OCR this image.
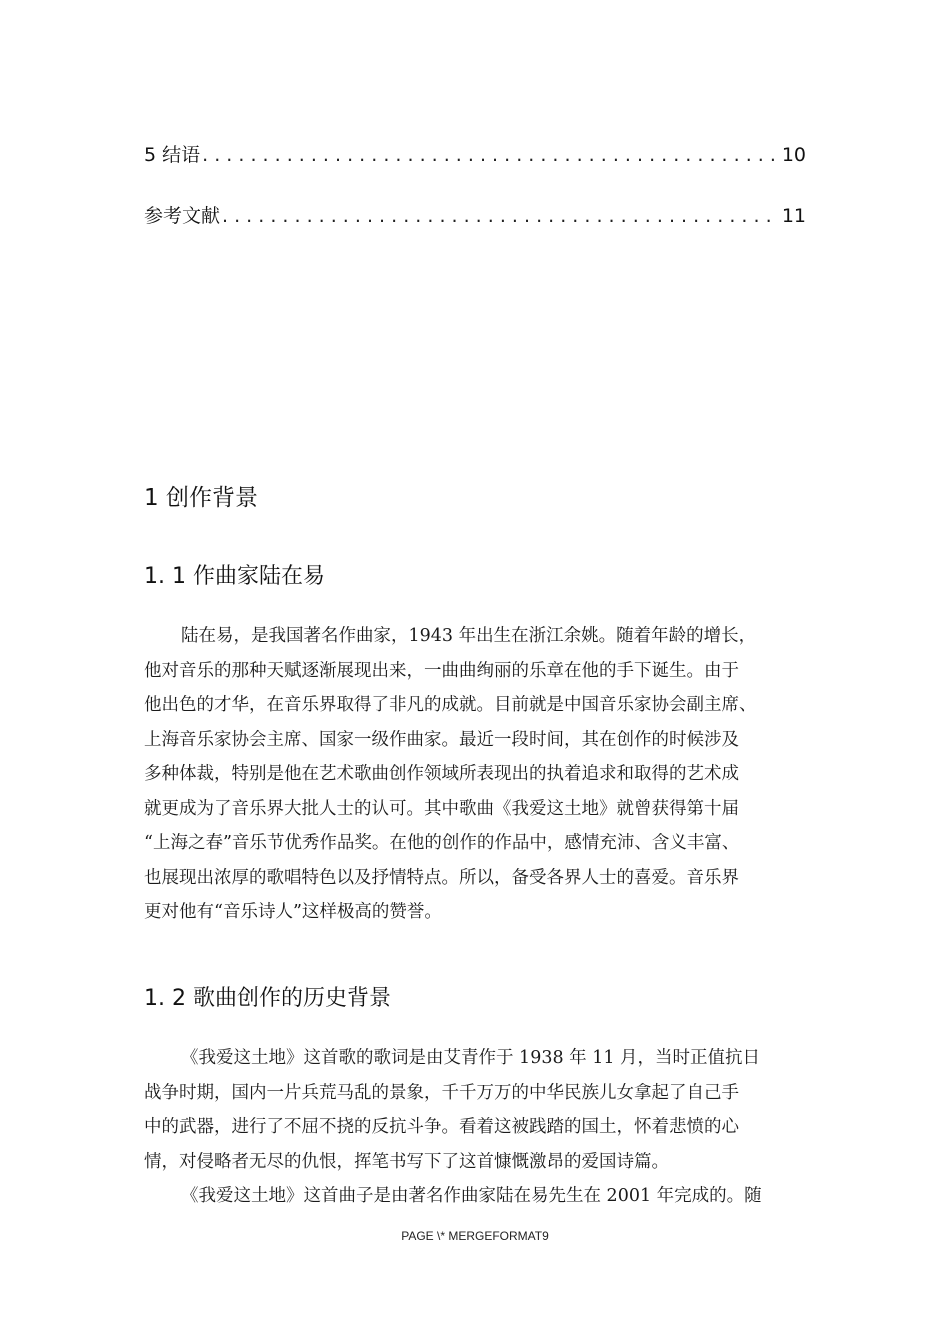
5 结语 . . .	10
参考文献 . . .	11
1 创作背景
1. 1 作曲家陆在易
陆在易，是我国著名作曲家，1943 年出生在浙江余姚。随着年龄的增长，
他对音乐的那种天赋逐渐展现出来，一曲曲绚丽的乐章在他的手下诞生。由于
他出色的才华，在音乐界取得了非凡的成就。目前就是中国音乐家协会副主席、
上海音乐家协会主席、国家一级作曲家。最近一段时间，其在创作的时候涉及
多种体裁，特别是他在艺术歌曲创作领域所表现出的执着追求和取得的艺术成
就更成为了音乐界大批人士的认可。其中歌曲《我爱这土地》就曾获得第十届
“上海之春”音乐节优秀作品奖。在他的创作的作品中，感情充沛、含义丰富、
也展现出浓厚的歌唱特色以及抒情特点。所以，备受各界人士的喜爱。音乐界
更对他有“音乐诗人”这样极高的赞誉。
1. 2 歌曲创作的历史背景
《我爱这土地》这首歌的歌词是由艾青作于 1938 年 11 月，当时正值抗日
战争时期，国内一片兵荒马乱的景象，千千万万的中华民族儿女拿起了自己手
中的武器，进行了不屈不挠的反抗斗争。看着这被践踏的国土，怀着悲愤的心
情，对侵略者无尽的仇恨，挥笔书写下了这首慷慨激昂的爱国诗篇。
《我爱这土地》这首曲子是由著名作曲家陆在易先生在 2001 年完成的。随
PAGE \* MERGEFORMAT9
